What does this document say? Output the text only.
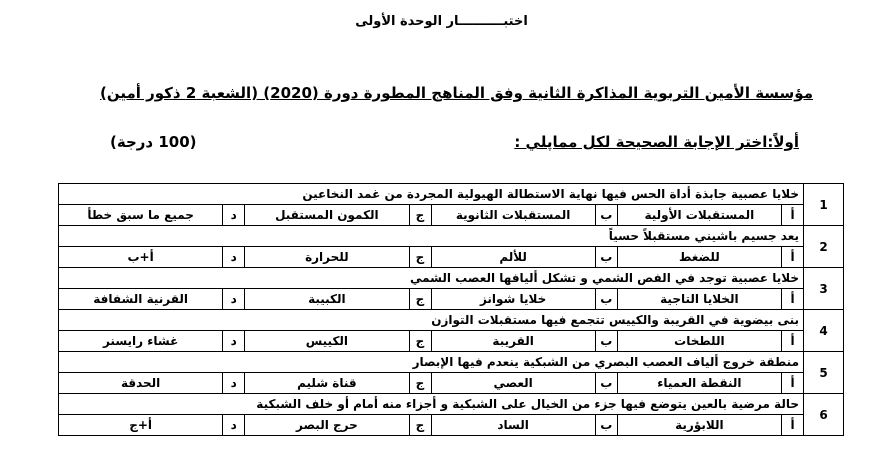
اختبــــــــــار الوحدة الأولى
مؤسسة الأمين التربوية المذاكرة الثانية وفق المناهج المطورة دورة (2020) (الشعبة 2 ذكور أمين)
أولاً:اختر الإجابة الصحيحة لكل مماپلي :
(100 درجة)
1	خلايا عصبية جابذة أداة الحس فيها نهاية الاستطالة الهيولية المجردة من غمد النخاعين							
	أ	المستقبلات الأولية	ب	المستقبلات الثانوية	ج	الكمون المستقبل	د	جميع ما سبق خطأ
2	يعد جسيم باشيني مستقبلاً حسياً							
	أ	للضغط	ب	للألم	ج	للحرارة	د	أ+ب
3	خلايا عصبية توجد في الفص الشمي و تشكل أليافها العصب الشمي							
	أ	الخلايا التاجية	ب	خلايا شوانز	ج	الكبيبة	د	القرنية الشفافة
4	بنى بيضوية في القريبة والكييس تتجمع فيها مستقبلات التوازن							
	أ	اللطخات	ب	القريبة	ج	الكييس	د	غشاء رايسنر
5	منطقة خروج ألياف العصب البصري من الشبكية ينعدم فيها الإبصار							
	أ	النقطة العمياء	ب	العصي	ج	قناة شليم	د	الحدقة
6	حالة مرضية بالعين يتوضع فيها جزء من الخيال على الشبكية و أجزاء منه أمام أو خلف الشبكية							
	أ	اللابؤرية	ب	الساد	ج	حرج البصر	د	أ+ج
